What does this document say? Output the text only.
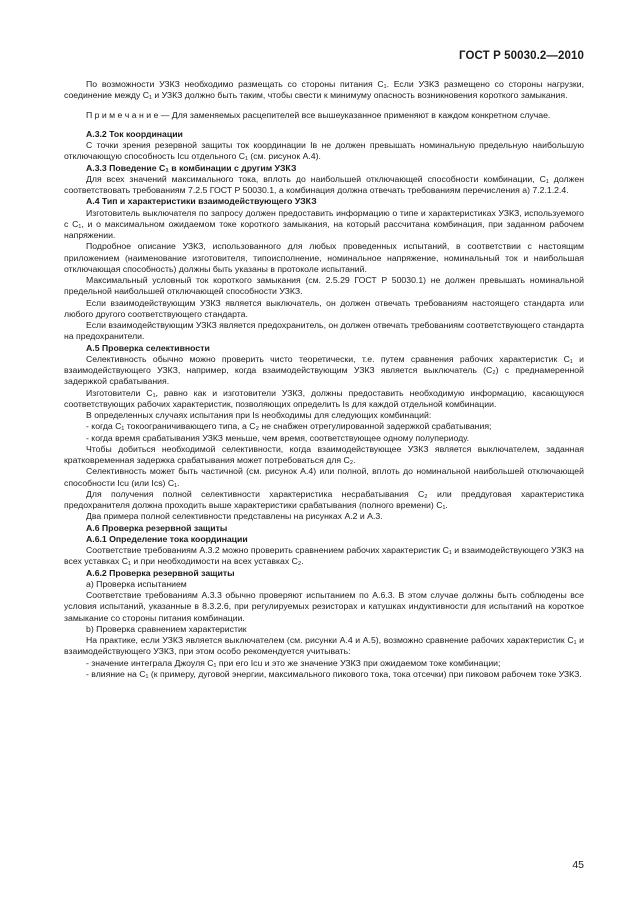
ГОСТ Р 50030.2—2010

По возможности УЗКЗ необходимо размещать со стороны питания С₁. Если УЗКЗ размещено со стороны нагрузки, соединение между С₁ и УЗКЗ должно быть таким, чтобы свести к минимуму опасность возникновения короткого замыкания.

П р и м е ч а н и е — Для заменяемых расцепителей все вышеуказанное применяют в каждом конкретном случае.

А.3.2 Ток координации

С точки зрения резервной защиты ток координации Iв не должен превышать номинальную предельную наибольшую отключающую способность Icu отдельного С₁ (см. рисунок А.4).

А.3.3 Поведение С₁ в комбинации с другим УЗКЗ

Для всех значений максимального тока, вплоть до наибольшей отключающей способности комбинации, С₁ должен соответствовать требованиям 7.2.5 ГОСТ Р 50030.1, а комбинация должна отвечать требованиям перечисления а) 7.2.1.2.4.

А.4 Тип и характеристики взаимодействующего УЗКЗ

Изготовитель выключателя по запросу должен предоставить информацию о типе и характеристиках УЗКЗ, используемого с С₁, и о максимальном ожидаемом токе короткого замыкания, на который рассчитана комбинация, при заданном рабочем напряжении.

Подробное описание УЗКЗ, использованного для любых проведенных испытаний, в соответствии с настоящим приложением (наименование изготовителя, типоисполнение, номинальное напряжение, номинальный ток и наибольшая отключающая способность) должны быть указаны в протоколе испытаний.

Максимальный условный ток короткого замыкания (см. 2.5.29 ГОСТ Р 50030.1) не должен превышать номинальной предельной наибольшей отключающей способности УЗКЗ.

Если взаимодействующим УЗКЗ является выключатель, он должен отвечать требованиям настоящего стандарта или любого другого соответствующего стандарта.

Если взаимодействующим УЗКЗ является предохранитель, он должен отвечать требованиям соответствующего стандарта на предохранители.

А.5 Проверка селективности

Селективность обычно можно проверить чисто теоретически, т.е. путем сравнения рабочих характеристик С₁ и взаимодействующего УЗКЗ, например, когда взаимодействующим УЗКЗ является выключатель (С₂) с преднамеренной задержкой срабатывания.

Изготовители С₁, равно как и изготовители УЗКЗ, должны предоставить необходимую информацию, касающуюся соответствующих рабочих характеристик, позволяющих определить Is для каждой отдельной комбинации.

В определенных случаях испытания при Is необходимы для следующих комбинаций:

- когда С₁ токоограничивающего типа, а С₂ не снабжен отрегулированной задержкой срабатывания;

- когда время срабатывания УЗКЗ меньше, чем время, соответствующее одному полупериоду.

Чтобы добиться необходимой селективности, когда взаимодействующее УЗКЗ является выключателем, заданная кратковременная задержка срабатывания может потребоваться для С₂.

Селективность может быть частичной (см. рисунок А.4) или полной, вплоть до номинальной наибольшей отключающей способности Icu (или Ics) С₁.

Для получения полной селективности характеристика несрабатывания С₂ или преддуговая характеристика предохранителя должна проходить выше характеристики срабатывания (полного времени) С₁.

Два примера полной селективности представлены на рисунках А.2 и А.3.

А.6 Проверка резервной защиты

А.6.1 Определение тока координации

Соответствие требованиям А.3.2 можно проверить сравнением рабочих характеристик С₁ и взаимодействующего УЗКЗ на всех уставках С₁ и при необходимости на всех уставках С₂.

А.6.2 Проверка резервной защиты

а) Проверка испытанием

Соответствие требованиям А.3.3 обычно проверяют испытанием по А.6.3. В этом случае должны быть соблюдены все условия испытаний, указанные в 8.3.2.6, при регулируемых резисторах и катушках индуктивности для испытаний на короткое замыкание со стороны питания комбинации.

b) Проверка сравнением характеристик

На практике, если УЗКЗ является выключателем (см. рисунки А.4 и А.5), возможно сравнение рабочих характеристик С₁ и взаимодействующего УЗКЗ, при этом особо рекомендуется учитывать:

- значение интеграла Джоуля С₁ при его Icu и это же значение УЗКЗ при ожидаемом токе комбинации;

- влияние на С₁ (к примеру, дуговой энергии, максимального пикового тока, тока отсечки) при пиковом рабочем токе УЗКЗ.

45
